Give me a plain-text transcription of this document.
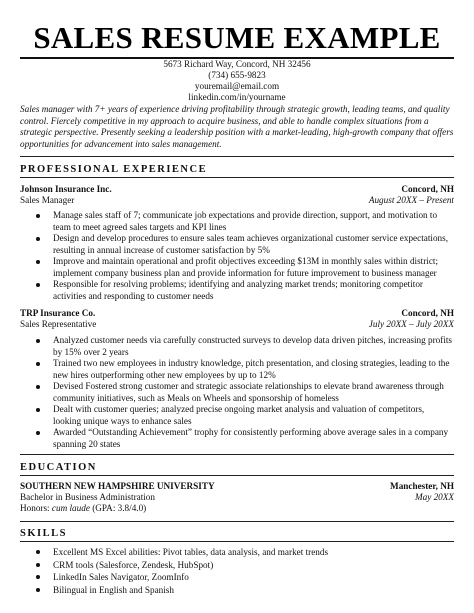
SALES RESUME EXAMPLE
5673 Richard Way, Concord, NH 32456
(734) 655-9823
youremail@email.com
linkedin.com/in/yourname
Sales manager with 7+ years of experience driving profitability through strategic growth, leading teams, and quality control. Fiercely competitive in my approach to acquire business, and able to handle complex situations from a strategic perspective. Presently seeking a leadership position with a market-leading, high-growth company that offers opportunities for advancement into sales management.
PROFESSIONAL EXPERIENCE
Johnson Insurance Inc.	Concord, NH
Sales Manager	August 20XX – Present
Manage sales staff of 7; communicate job expectations and provide direction, support, and motivation to team to meet agreed sales targets and KPI lines
Design and develop procedures to ensure sales team achieves organizational customer service expectations, resulting in annual increase of customer satisfaction by 5%
Improve and maintain operational and profit objectives exceeding $13M in monthly sales within district; implement company business plan and provide information for future improvement to business manager
Responsible for resolving problems; identifying and analyzing market trends; monitoring competitor activities and responding to customer needs
TRP Insurance Co.	Concord, NH
Sales Representative	July 20XX – July 20XX
Analyzed customer needs via carefully constructed surveys to develop data driven pitches, increasing profits by 15% over 2 years
Trained two new employees in industry knowledge, pitch presentation, and closing strategies, leading to the new hires outperforming other new employees by up to 12%
Devised Fostered strong customer and strategic associate relationships to elevate brand awareness through community initiatives, such as Meals on Wheels and sponsorship of homeless
Dealt with customer queries; analyzed precise ongoing market analysis and valuation of competitors, looking unique ways to enhance sales
Awarded “Outstanding Achievement” trophy for consistently performing above average sales in a company spanning 20 states
EDUCATION
SOUTHERN NEW HAMPSHIRE UNIVERSITY	Manchester, NH
Bachelor in Business Administration	May 20XX
Honors: cum laude (GPA: 3.8/4.0)
SKILLS
Excellent MS Excel abilities: Pivot tables, data analysis, and market trends
CRM tools (Salesforce, Zendesk, HubSpot)
LinkedIn Sales Navigator, ZoomInfo
Bilingual in English and Spanish
